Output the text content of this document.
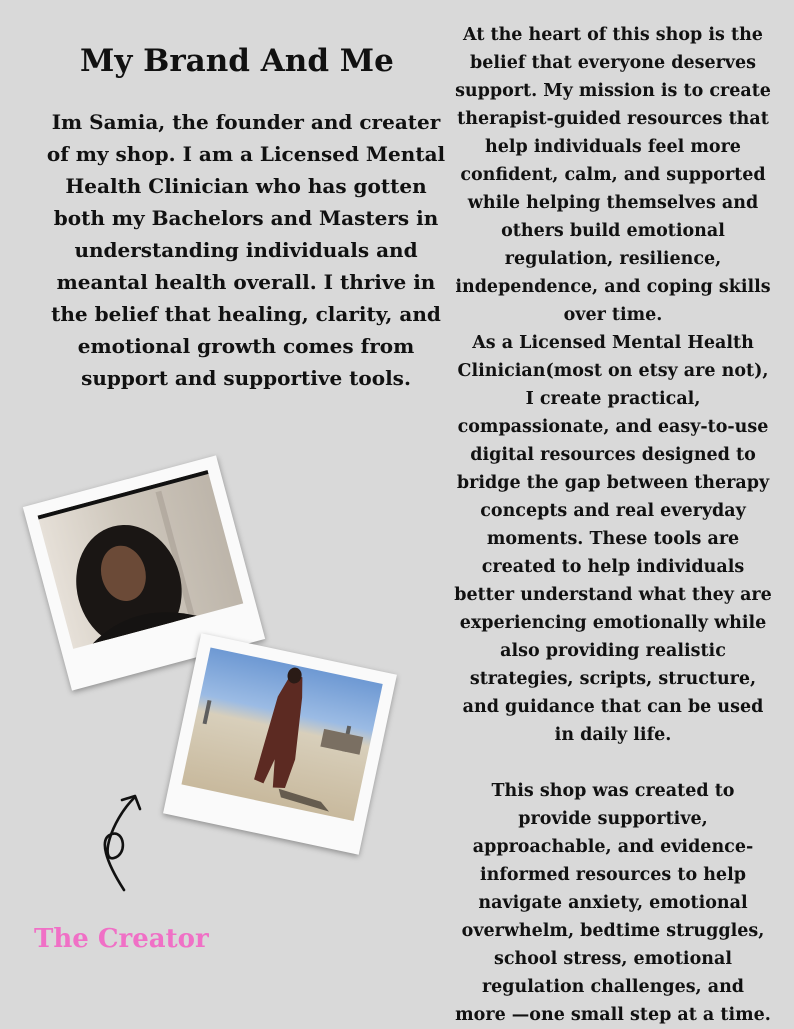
My Brand And Me

Im Samia, the founder and creater of my shop. I am a Licensed Mental Health Clinician who has gotten both my Bachelors and Masters in understanding individuals and meantal health overall. I thrive in the belief that healing, clarity, and emotional growth comes from support and supportive tools.

At the heart of this shop is the belief that everyone deserves support. My mission is to create therapist-guided resources that help individuals feel more confident, calm, and supported while helping themselves and others build emotional regulation, resilience, independence, and coping skills over time.

As a Licensed Mental Health Clinician(most on etsy are not), I create practical, compassionate, and easy-to-use digital resources designed to bridge the gap between therapy concepts and real everyday moments. These tools are created to help individuals better understand what they are experiencing emotionally while also providing realistic strategies, scripts, structure, and guidance that can be used in daily life.

This shop was created to provide supportive, approachable, and evidence-informed resources to help navigate anxiety, emotional overwhelm, bedtime struggles, school stress, emotional regulation challenges, and more —one small step at a time.

The Creator
